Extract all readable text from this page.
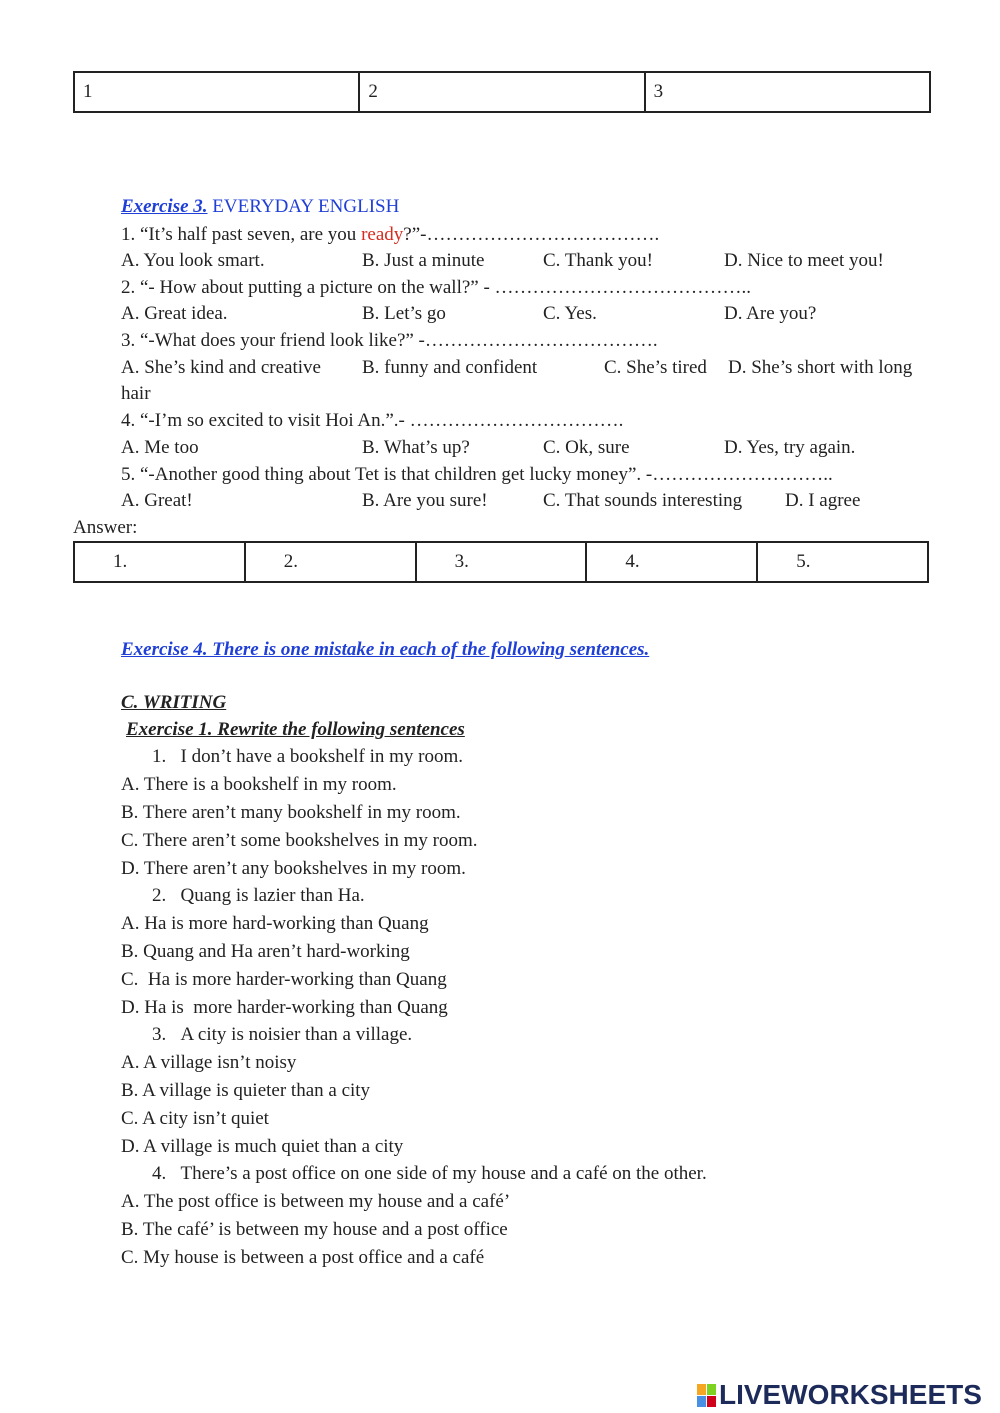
1	2	3
Exercise 3. EVERYDAY ENGLISH
1. “It’s half past seven, are you ready?”-……………………………….
A. You look smart.	B. Just a minute	C. Thank you!	D. Nice to meet you!
2. “- How about putting a picture on the wall?” - …………………………………..
A. Great idea.	B. Let’s go	C. Yes.	D. Are you?
3. “-What does your friend look like?” -……………………………….
A. She’s kind and creative B. funny and confident	C. She’s tired D. She’s short with long
hair
4. “-I’m so excited to visit Hoi An.”.- …………………………….
A. Me too	B. What’s up?	C. Ok, sure	D. Yes, try again.
5. “-Another good thing about Tet is that children get lucky money”. -………………………..
A. Great!	B. Are you sure!	C. That sounds interesting D. I agree
Answer:
1.	2.	3.	4.	5.
Exercise 4. There is one mistake in each of the following sentences.
C. WRITING
Exercise 1. Rewrite the following sentences
1. I don’t have a bookshelf in my room.
A. There is a bookshelf in my room.
B. There aren’t many bookshelf in my room.
C. There aren’t some bookshelves in my room.
D. There aren’t any bookshelves in my room.
2. Quang is lazier than Ha.
A. Ha is more hard-working than Quang
B. Quang and Ha aren’t hard-working
C.  Ha is more harder-working than Quang
D. Ha is  more harder-working than Quang
3. A city is noisier than a village.
A. A village isn’t noisy
B. A village is quieter than a city
C. A city isn’t quiet
D. A village is much quiet than a city
4. There’s a post office on one side of my house and a café on the other.
A. The post office is between my house and a café’
B. The café’ is between my house and a post office
C. My house is between a post office and a café
LIVEWORKSHEETS
